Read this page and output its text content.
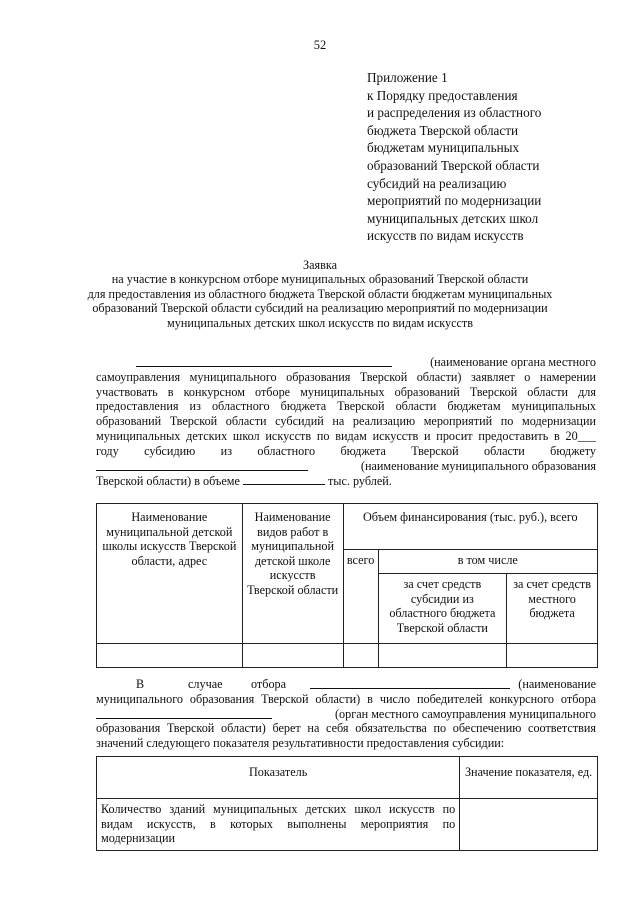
52
Приложение 1
к Порядку предоставления
и распределения из областного
бюджета Тверской области
бюджетам муниципальных
образований Тверской области
субсидий на реализацию
мероприятий по модернизации
муниципальных детских школ
искусств по видам искусств
Заявка
на участие в конкурсном отборе муниципальных образований Тверской области
для предоставления из областного бюджета Тверской области бюджетам муниципальных
образований Тверской области субсидий на реализацию мероприятий по модернизации
муниципальных детских школ искусств по видам искусств
(наименование органа местного
самоуправления муниципального образования Тверской области) заявляет о намерении
участвовать в конкурсном отборе муниципальных образований Тверской области для
предоставления из областного бюджета Тверской области бюджетам муниципальных
образований Тверской области субсидий на реализацию мероприятий по модернизации
муниципальных детских школ искусств по видам искусств и просит предоставить в 20___
году субсидию из областного бюджета Тверской области бюджету
(наименование муниципального образования
Тверской области) в объеме	тыс. рублей.
Наименование муниципальной детской школы искусств Тверской области, адрес	Наименование видов работ в муниципальной детской школе искусств Тверской области	Объем финансирования (тыс. руб.), всего		
		всего	в том числе	
			за счет средств субсидии из областного бюджета Тверской области	за счет средств местного бюджета

В	случае отбора	(наименование
муниципального образования Тверской области) в число победителей конкурсного отбора
(орган местного самоуправления муниципального
образования Тверской области) берет на себя обязательства по обеспечению соответствия
значений следующего показателя результативности предоставления субсидии:
Показатель	Значение показателя, ед.
Количество зданий муниципальных детских школ искусств по видам искусств, в которых выполнены мероприятия по модернизации	
